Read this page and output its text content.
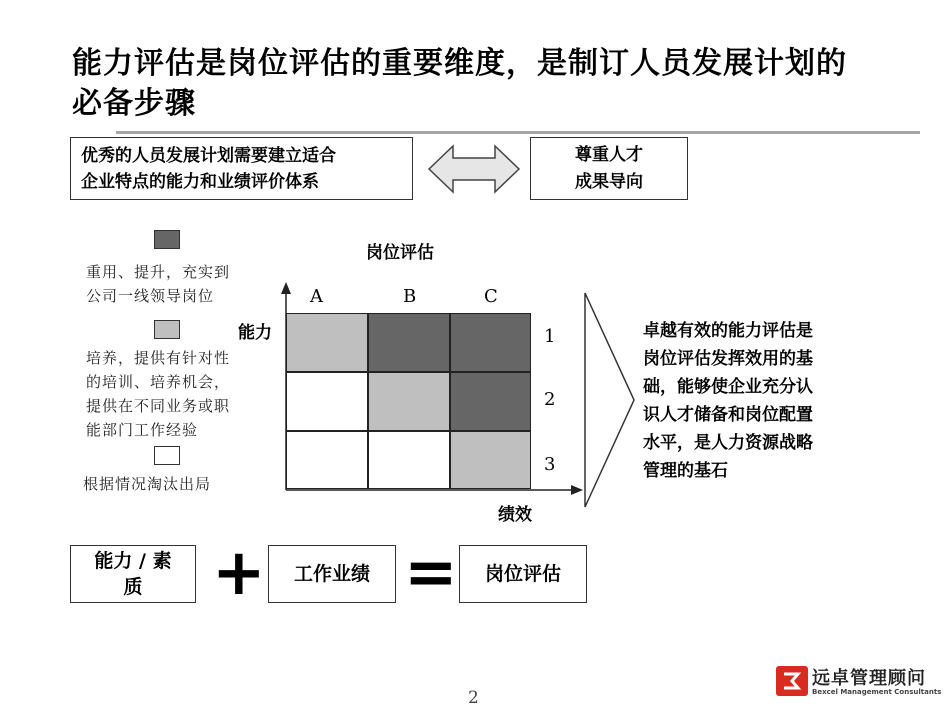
能力评估是岗位评估的重要维度，是制订人员发展计划的
必备步骤
优秀的人员发展计划需要建立适合
企业特点的能力和业绩评价体系
尊重人才
成果导向
重用、提升，充实到
公司一线领导岗位
培养，提供有针对性
的培训、培养机会，
提供在不同业务或职
能部门工作经验
根据情况淘汰出局
岗位评估
能力
绩效
A	B	C
1
2
3
卓越有效的能力评估是
岗位评估发挥效用的基
础，能够使企业充分认
识人才储备和岗位配置
水平，是人力资源战略
管理的基石
能力 / 素
质	+	工作业绩 =	岗位评估
2
远卓管理顾问
Bexcel Management Consultants
